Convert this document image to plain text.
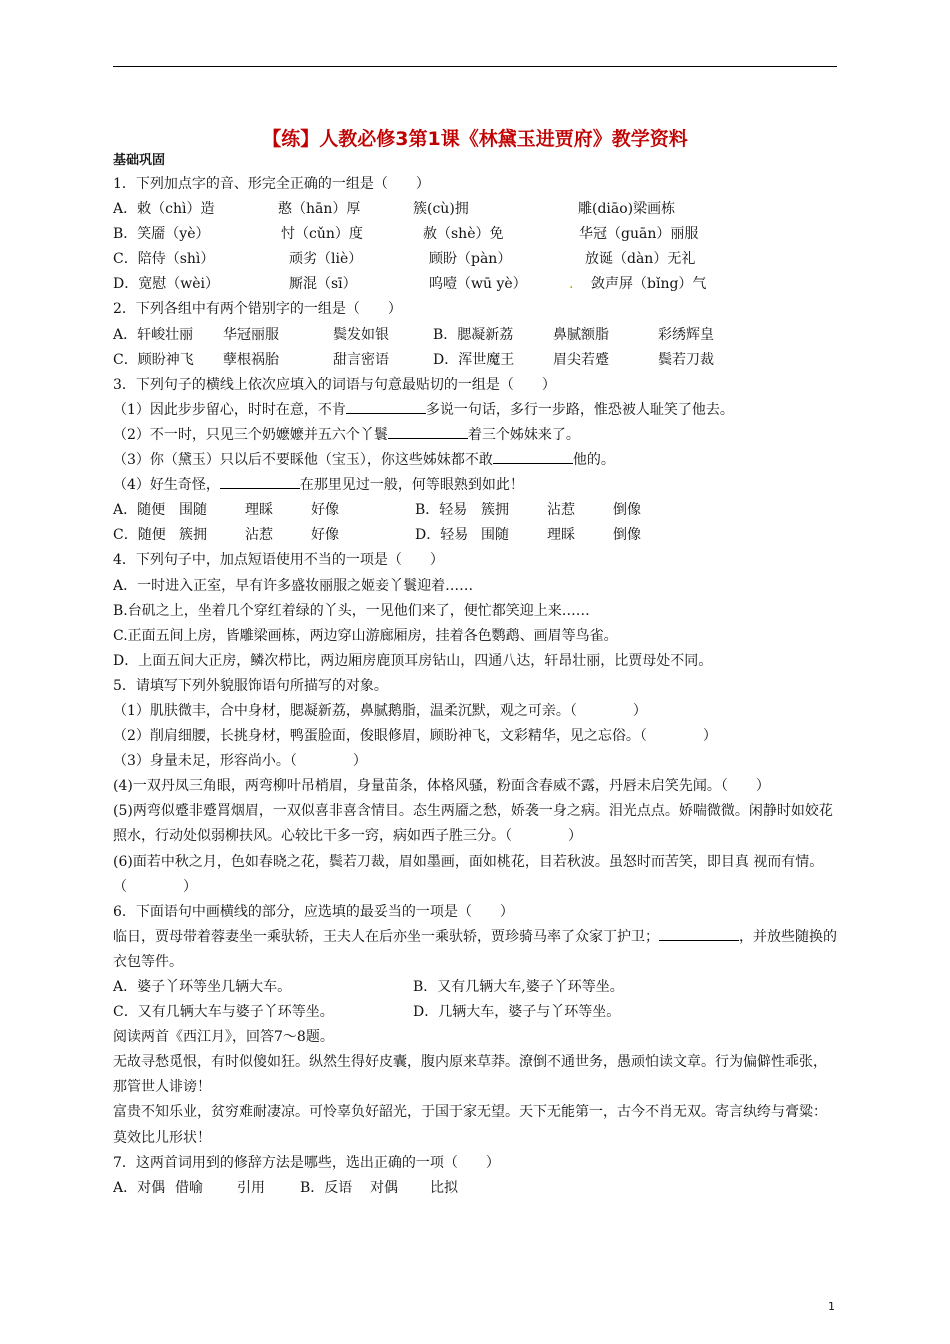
【练】人教必修3第1课《林黛玉进贾府》教学资料
基础巩固
1．下列加点字的音、形完全正确的一组是（　　）
A．敕（chì）造	憨（hān）厚	簇(cù)拥	雕(diāo)梁画栋
B．笑靥（yè）	忖（cǔn）度	赦（shè）免	华冠（guān）丽服
C．陪侍（shì）	顽劣（liè）	顾盼（pàn）	放诞（dàn）无礼
D．宽慰（wèi）	厮混（sī）	呜噎（wū yè）	.	敛声屏（bǐng）气
2．下列各组中有两个错别字的一组是（　　）
A．轩峻壮丽	华冠丽服	鬓发如银	B．腮凝新荔	鼻腻额脂	彩绣辉皇
C．顾盼神飞	孽根祸胎	甜言密语	D．浑世魔王	眉尖若蹙	鬓若刀裁
3．下列句子的横线上依次应填入的词语与句意最贴切的一组是（　　）
（1）因此步步留心，时时在意，不肯	多说一句话，多行一步路，惟恐被人耻笑了他去。
（2）不一时，只见三个奶嬷嬷并五六个丫鬟	着三个姊妹来了。
（3）你（黛玉）只以后不要睬他（宝玉），你这些姊妹都不敢	他的。
（4）好生奇怪，	在那里见过一般，何等眼熟到如此！
A．随便 围随	理睬	好像	B．轻易 簇拥	沾惹	倒像
C．随便 簇拥	沾惹	好像	D．轻易 围随	理睬	倒像
4．下列句子中，加点短语使用不当的一项是（　　）
A．一时进入正室，早有许多盛妆丽服之姬妾丫鬟迎着……
B.台矶之上，坐着几个穿红着绿的丫头，一见他们来了，便忙都笑迎上来……
C.正面五间上房，皆雕梁画栋，两边穿山游廊厢房，挂着各色鹦鹉、画眉等鸟雀。
D．上面五间大正房，鳞次栉比，两边厢房鹿顶耳房钻山，四通八达，轩昂壮丽，比贾母处不同。
5．请填写下列外貌服饰语句所描写的对象。
（1）肌肤微丰，合中身材，腮凝新荔，鼻腻鹅脂，温柔沉默，观之可亲。（　　　　）
（2）削肩细腰，长挑身材，鸭蛋脸面，俊眼修眉，顾盼神飞，文彩精华，见之忘俗。（　　　　）
（3）身量未足，形容尚小。（　　　　）
(4)一双丹凤三角眼，两弯柳叶吊梢眉，身量苗条，体格风骚，粉面含春威不露，丹唇未启笑先闻。（　　）
(5)两弯似蹙非蹙罥烟眉，一双似喜非喜含情目。态生两靥之愁，娇袭一身之病。泪光点点。娇喘微微。闲静时如姣花照水，行动处似弱柳扶风。心较比干多一窍，病如西子胜三分。（　　　　）
(6)面若中秋之月，色如春晓之花，鬓若刀裁，眉如墨画，面如桃花，目若秋波。虽怒时而苦笑，即目真 视而有情。（　　　　）
6．下面语句中画横线的部分，应选填的最妥当的一项是（　　）
临日，贾母带着蓉妻坐一乘驮轿，王夫人在后亦坐一乘驮轿，贾珍骑马率了众家丁护卫；	，并放些随换的衣包等件。
A．婆子丫环等坐几辆大车。	B．又有几辆大车,婆子丫环等坐。
C．又有几辆大车与婆子丫环等坐。	D．几辆大车，婆子与丫环等坐。
阅读两首《西江月》，回答7～8题。
无故寻愁觅恨，有时似傻如狂。纵然生得好皮囊，腹内原来草莽。潦倒不通世务，愚顽怕读文章。行为偏僻性乖张，那管世人诽谤！
富贵不知乐业，贫穷难耐凄凉。可怜辜负好韶光，于国于家无望。天下无能第一，古今不肖无双。寄言纨绔与膏粱：莫效比儿形状！
7．这两首词用到的修辞方法是哪些，选出正确的一项（　　）
A．对偶 借喻	引用	B．反语	对偶	比拟
1
